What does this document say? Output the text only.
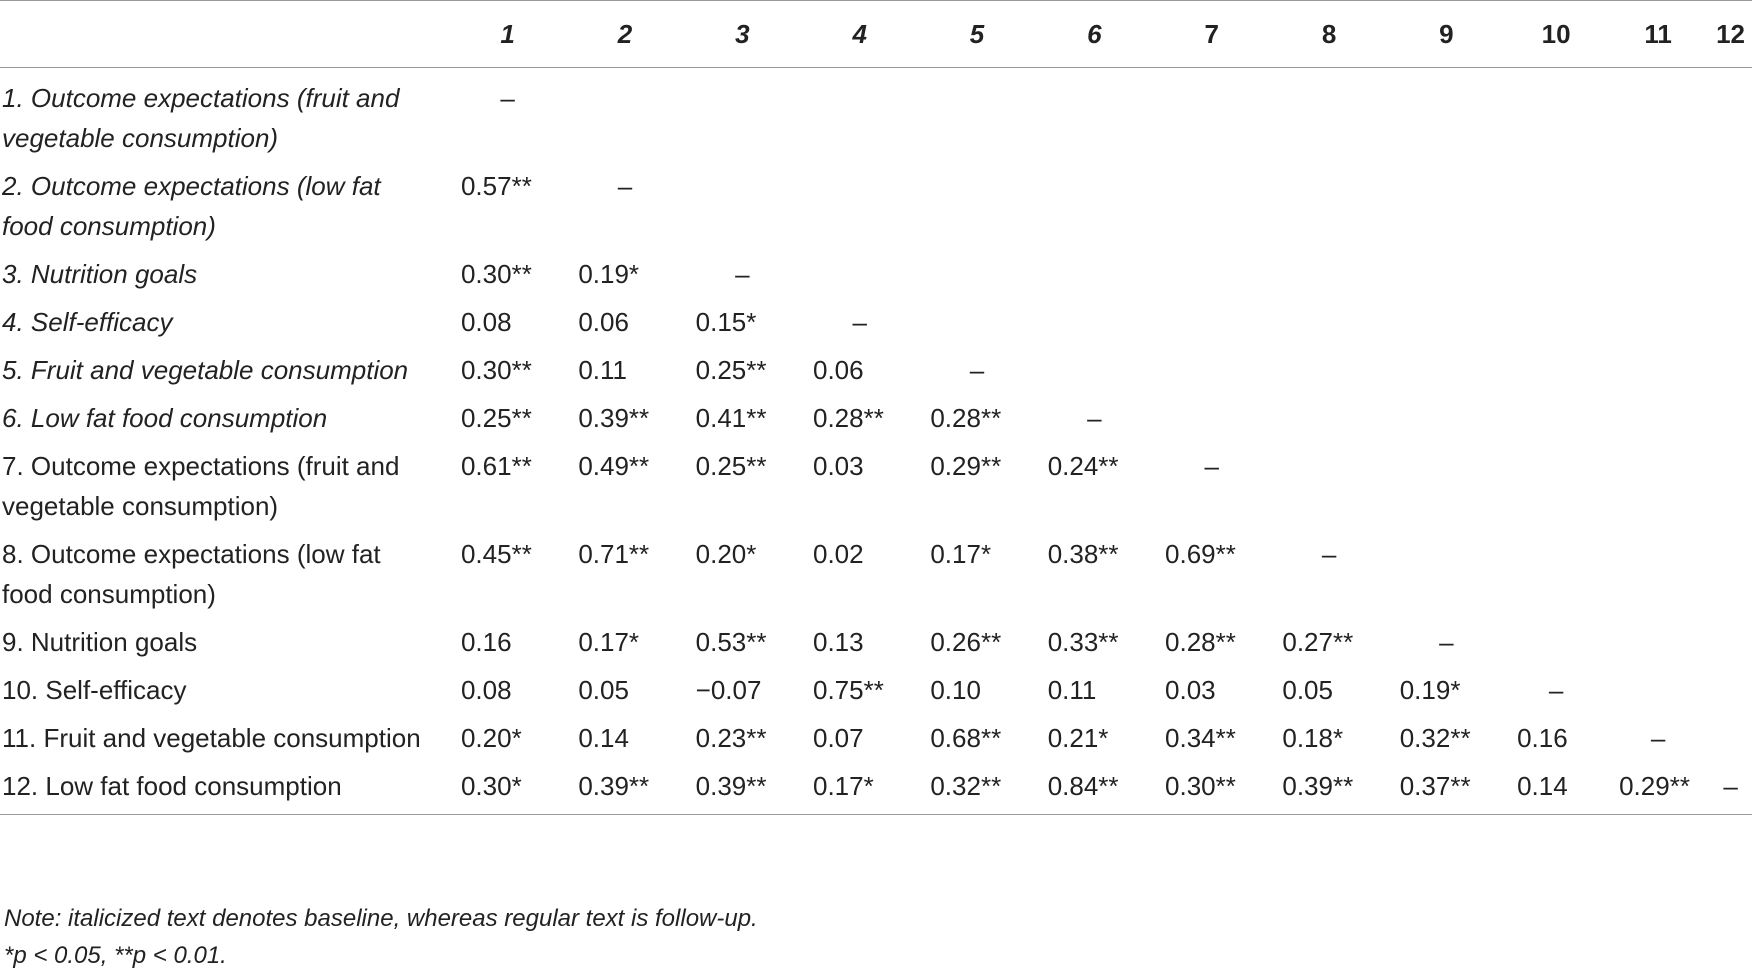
	1	2	3	4	5	6	7	8	9	10	11	12
1. Outcome expectations (fruit and vegetable consumption)	–											
2. Outcome expectations (low fat food consumption)	0.57**	–										
3. Nutrition goals	0.30**	0.19*	–									
4. Self-efficacy	0.08	0.06	0.15*	–								
5. Fruit and vegetable consumption	0.30**	0.11	0.25**	0.06	–							
6. Low fat food consumption	0.25**	0.39**	0.41**	0.28**	0.28**	–						
7. Outcome expectations (fruit and vegetable consumption)	0.61**	0.49**	0.25**	0.03	0.29**	0.24**	–					
8. Outcome expectations (low fat food consumption)	0.45**	0.71**	0.20*	0.02	0.17*	0.38**	0.69**	–				
9. Nutrition goals	0.16	0.17*	0.53**	0.13	0.26**	0.33**	0.28**	0.27**	–			
10. Self-efficacy	0.08	0.05	−0.07	0.75**	0.10	0.11	0.03	0.05	0.19*	–		
11. Fruit and vegetable consumption	0.20*	0.14	0.23**	0.07	0.68**	0.21*	0.34**	0.18*	0.32**	0.16	–	
12. Low fat food consumption	0.30*	0.39**	0.39**	0.17*	0.32**	0.84**	0.30**	0.39**	0.37**	0.14	0.29**	–
Note: italicized text denotes baseline, whereas regular text is follow-up.
*p < 0.05, **p < 0.01.
